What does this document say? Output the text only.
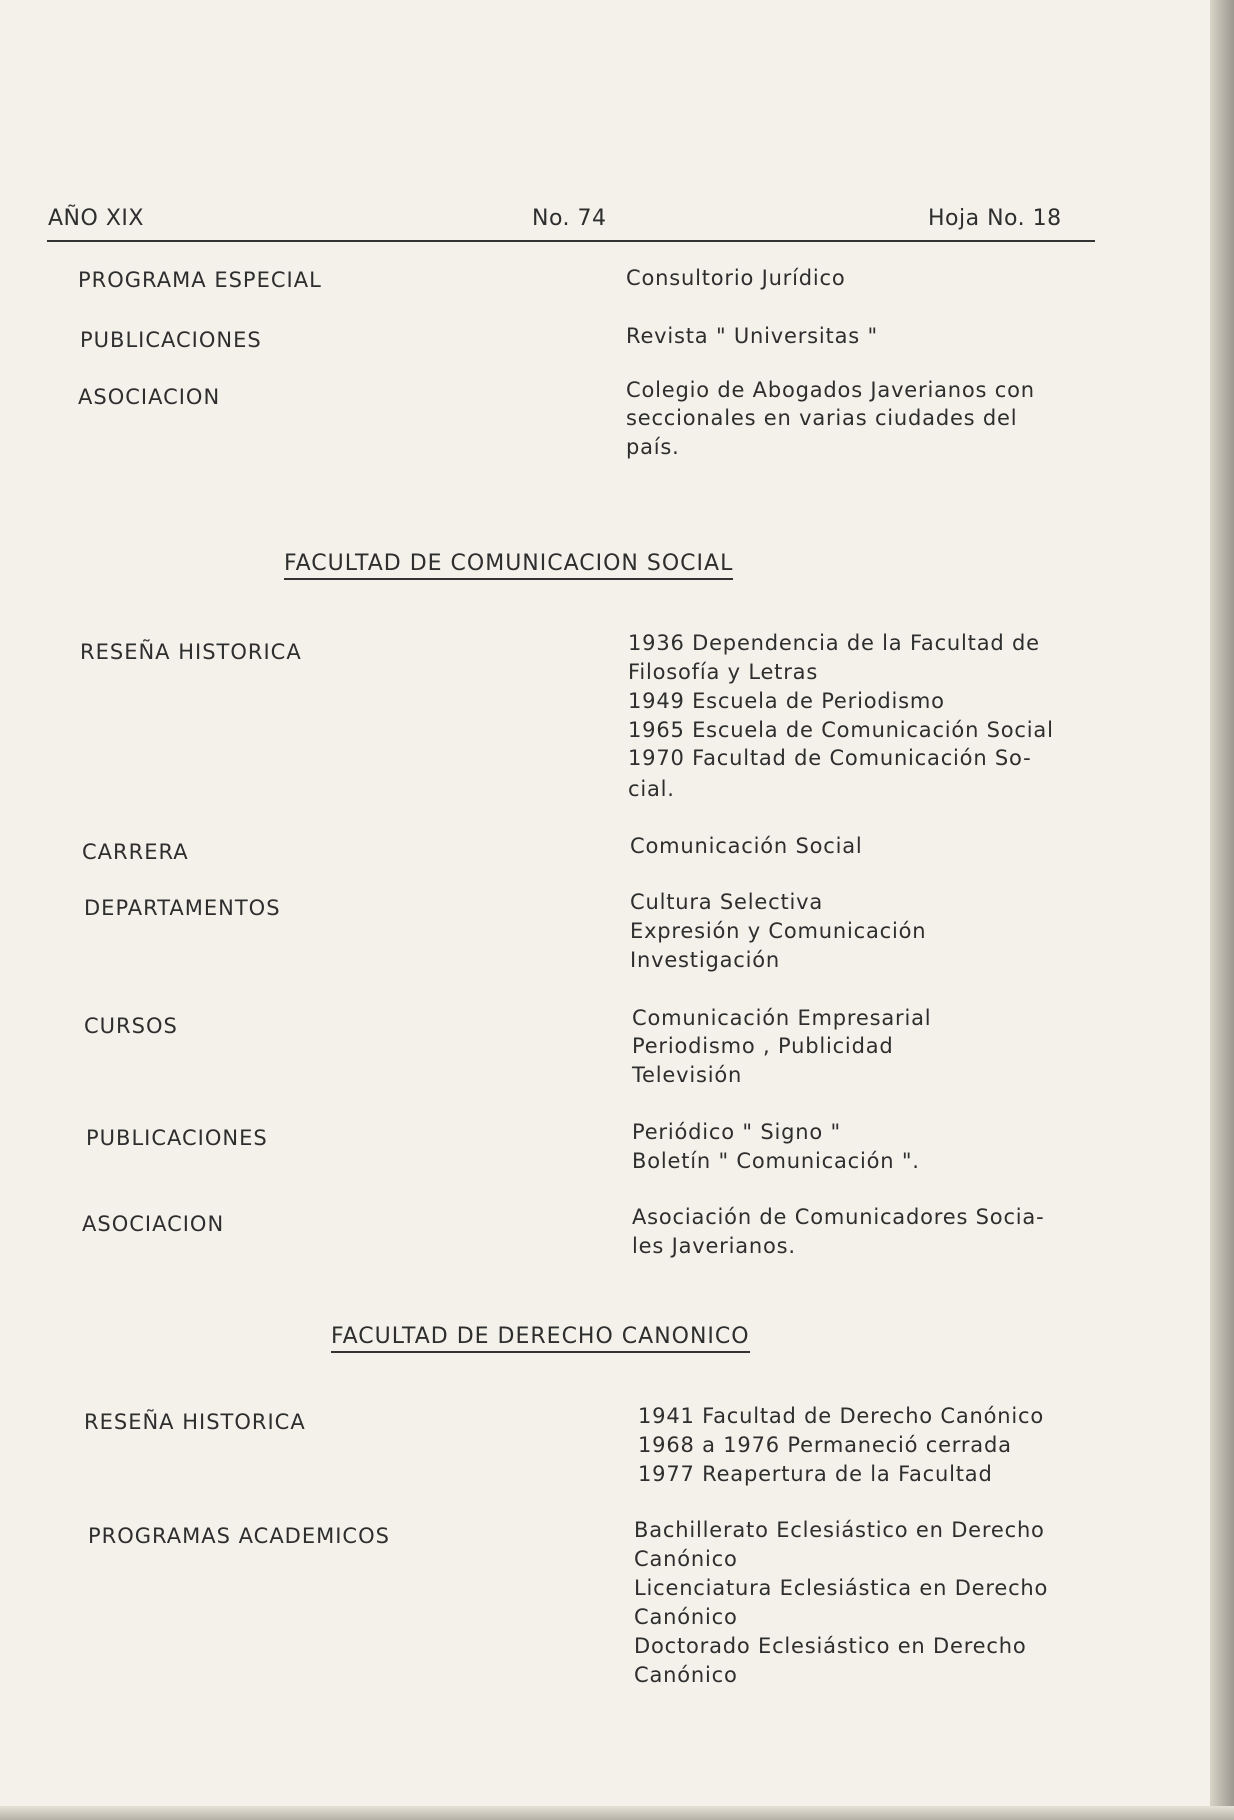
AÑO XIX	No. 74	Hoja No. 18
PROGRAMA ESPECIAL	Consultorio Jurídico
PUBLICACIONES	Revista " Universitas "
ASOCIACION	Colegio de Abogados Javerianos con
seccionales en varias ciudades del
país.
FACULTAD DE COMUNICACION SOCIAL
RESEÑA HISTORICA	1936 Dependencia de la Facultad de
Filosofía y Letras
1949 Escuela de Periodismo
1965 Escuela de Comunicación Social
1970 Facultad de Comunicación So-
cial.
CARRERA	Comunicación Social
DEPARTAMENTOS	Cultura Selectiva
Expresión y Comunicación
Investigación
CURSOS	Comunicación Empresarial
Periodismo , Publicidad
Televisión
PUBLICACIONES	Periódico " Signo "
Boletín " Comunicación ".
ASOCIACION	Asociación de Comunicadores Socia-
les Javerianos.
FACULTAD DE DERECHO CANONICO
RESEÑA HISTORICA	1941 Facultad de Derecho Canónico
1968 a 1976 Permaneció cerrada
1977 Reapertura de la Facultad
PROGRAMAS ACADEMICOS	Bachillerato Eclesiástico en Derecho
Canónico
Licenciatura Eclesiástica en Derecho
Canónico
Doctorado Eclesiástico en Derecho
Canónico
